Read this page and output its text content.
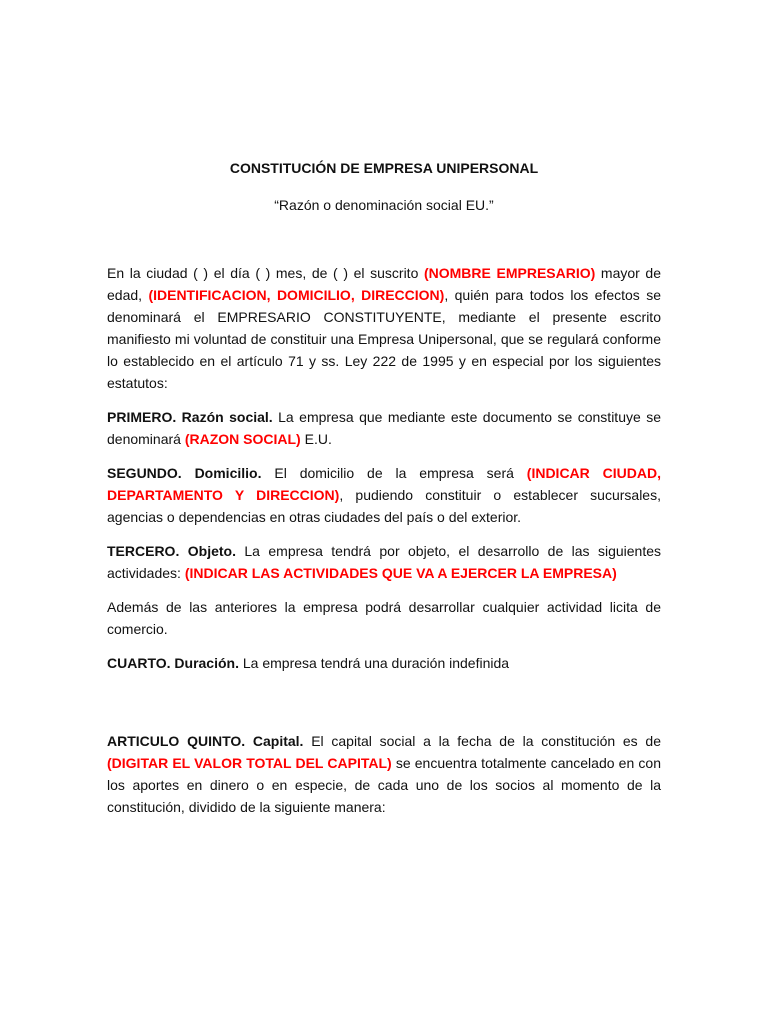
CONSTITUCIÓN DE EMPRESA UNIPERSONAL

“Razón o denominación social EU.”

En la ciudad ( ) el día ( ) mes, de ( ) el suscrito (NOMBRE EMPRESARIO) mayor de edad, (IDENTIFICACION, DOMICILIO, DIRECCION), quién para todos los efectos se denominará el EMPRESARIO CONSTITUYENTE, mediante el presente escrito manifiesto mi voluntad de constituir una Empresa Unipersonal, que se regulará conforme lo establecido en el artículo 71 y ss. Ley 222 de 1995 y en especial por los siguientes estatutos:

PRIMERO. Razón social. La empresa que mediante este documento se constituye se denominará (RAZON SOCIAL) E.U.

SEGUNDO. Domicilio. El domicilio de la empresa será (INDICAR CIUDAD, DEPARTAMENTO Y DIRECCION), pudiendo constituir o establecer sucursales, agencias o dependencias en otras ciudades del país o del exterior.

TERCERO. Objeto. La empresa tendrá por objeto, el desarrollo de las siguientes actividades: (INDICAR LAS ACTIVIDADES QUE VA A EJERCER LA EMPRESA)

Además de las anteriores la empresa podrá desarrollar cualquier actividad licita de comercio.

CUARTO. Duración. La empresa tendrá una duración indefinida

ARTICULO QUINTO. Capital. El capital social a la fecha de la constitución es de (DIGITAR EL VALOR TOTAL DEL CAPITAL) se encuentra totalmente cancelado en con los aportes en dinero o en especie, de cada uno de los socios al momento de la constitución, dividido de la siguiente manera:
